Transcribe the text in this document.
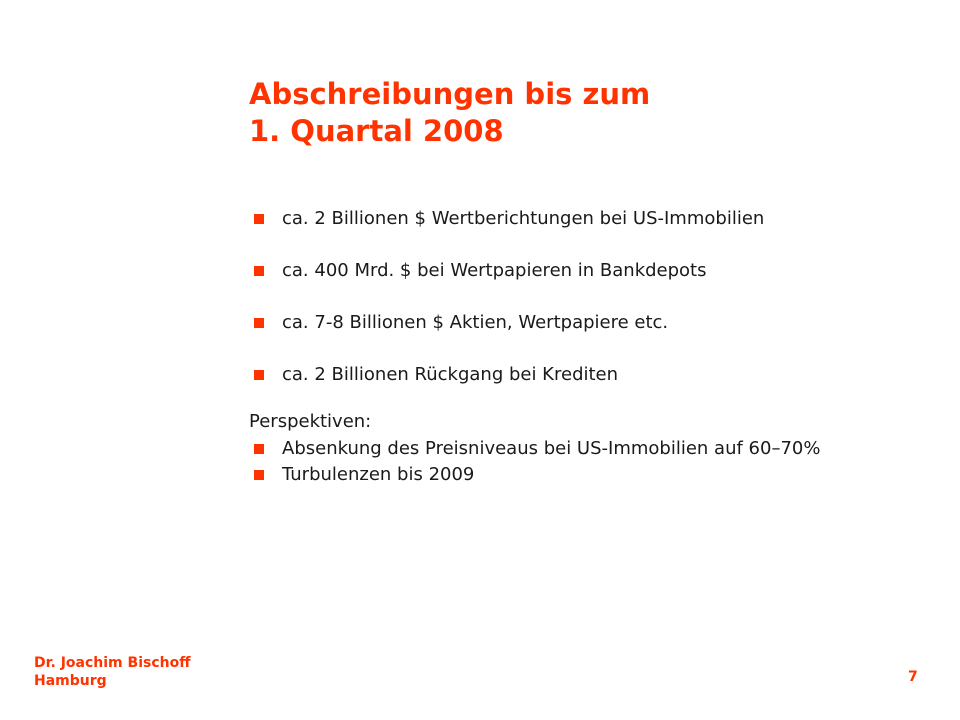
Abschreibungen bis zum
1. Quartal 2008
ca. 2 Billionen $ Wertberichtungen bei US-Immobilien
ca. 400 Mrd. $ bei Wertpapieren in Bankdepots
ca. 7-8 Billionen $ Aktien, Wertpapiere etc.
ca. 2 Billionen Rückgang bei Krediten

Perspektiven:

Absenkung des Preisniveaus bei US-Immobilien auf 60–70%
Turbulenzen bis 2009
Dr. Joachim Bischoff
Hamburg	7
